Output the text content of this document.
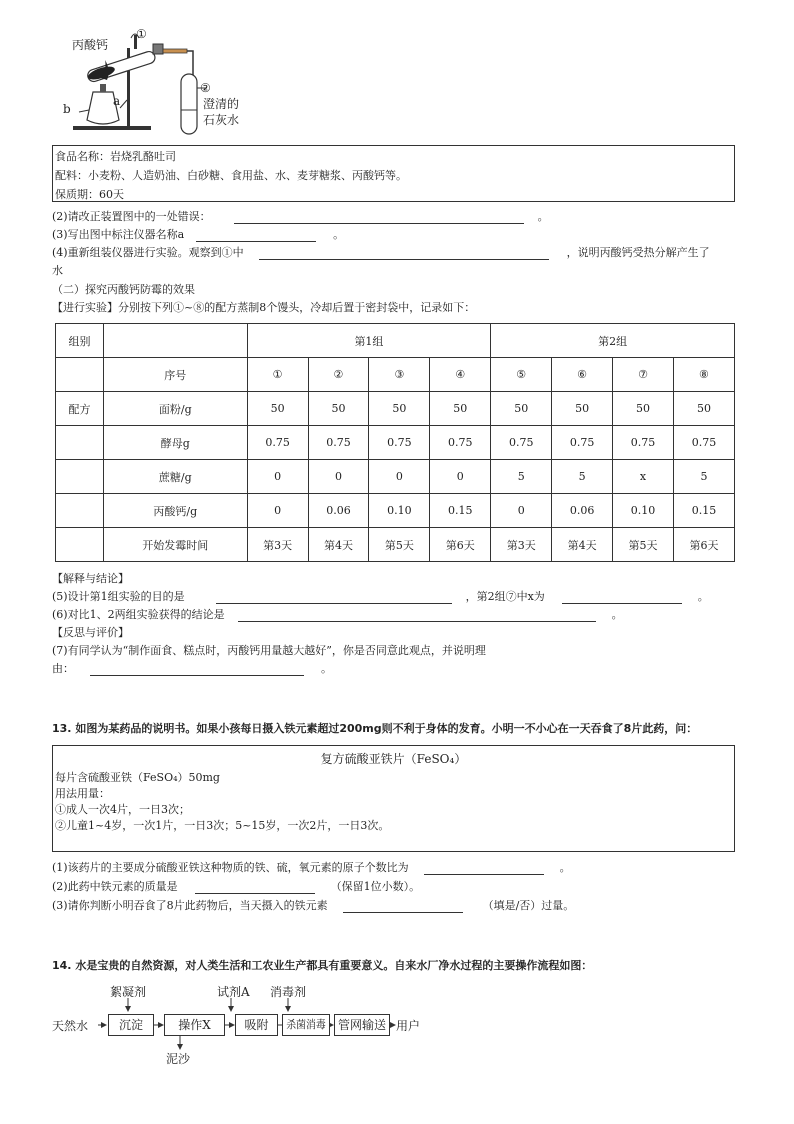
丙酸钙
①
②
a
b	澄清的
石灰水
食品名称：岩烧乳酪吐司
配料：小麦粉、人造奶油、白砂糖、食用盐、水、麦芽糖浆、丙酸钙等。
保质期：60天
(2)请改正装置图中的一处错误：	。
(3)写出图中标注仪器名称a	。
(4)重新组装仪器进行实验。观察到①中	，说明丙酸钙受热分解产生了
水
（二）探究丙酸钙防霉的效果
【进行实验】分别按下列①~⑧的配方蒸制8个馒头，冷却后置于密封袋中，记录如下：
组别		第1组				第2组			
	序号	①	②	③	④	⑤	⑥	⑦	⑧
配方	面粉/g	50	50	50	50	50	50	50	50
	酵母g	0.75	0.75	0.75	0.75	0.75	0.75	0.75	0.75
	蔗糖/g	0	0	0	0	5	5	x	5
	丙酸钙/g	0	0.06	0.10	0.15	0	0.06	0.10	0.15
	开始发霉时间	第3天	第4天	第5天	第6天	第3天	第4天	第5天	第6天
【解释与结论】
(5)设计第1组实验的目的是	，第2组⑦中x为	。
(6)对比1、2两组实验获得的结论是	。
【反思与评价】
(7)有同学认为“制作面食、糕点时，丙酸钙用量越大越好”，你是否同意此观点，并说明理
由：	。
13. 如图为某药品的说明书。如果小孩每日摄入铁元素超过200mg则不利于身体的发育。小明一不小心在一天吞食了8片此药，问：
复方硫酸亚铁片（FeSO₄）
每片含硫酸亚铁（FeSO₄）50mg
用法用量：
①成人一次4片，一日3次；
②儿童1~4岁，一次1片，一日3次；5~15岁，一次2片，一日3次。
(1)该药片的主要成分硫酸亚铁这种物质的铁、硫，氧元素的原子个数比为	。
(2)此药中铁元素的质量是	（保留1位小数）。
(3)请你判断小明吞食了8片此药物后，当天摄入的铁元素	（填是/否）过量。
14. 水是宝贵的自然资源，对人类生活和工农业生产都具有重要意义。自来水厂净水过程的主要操作流程如图：
天然水	沉淀	操作X	吸附	杀菌消毒	管网输送 用户
絮凝剂	试剂A 消毒剂
泥沙
